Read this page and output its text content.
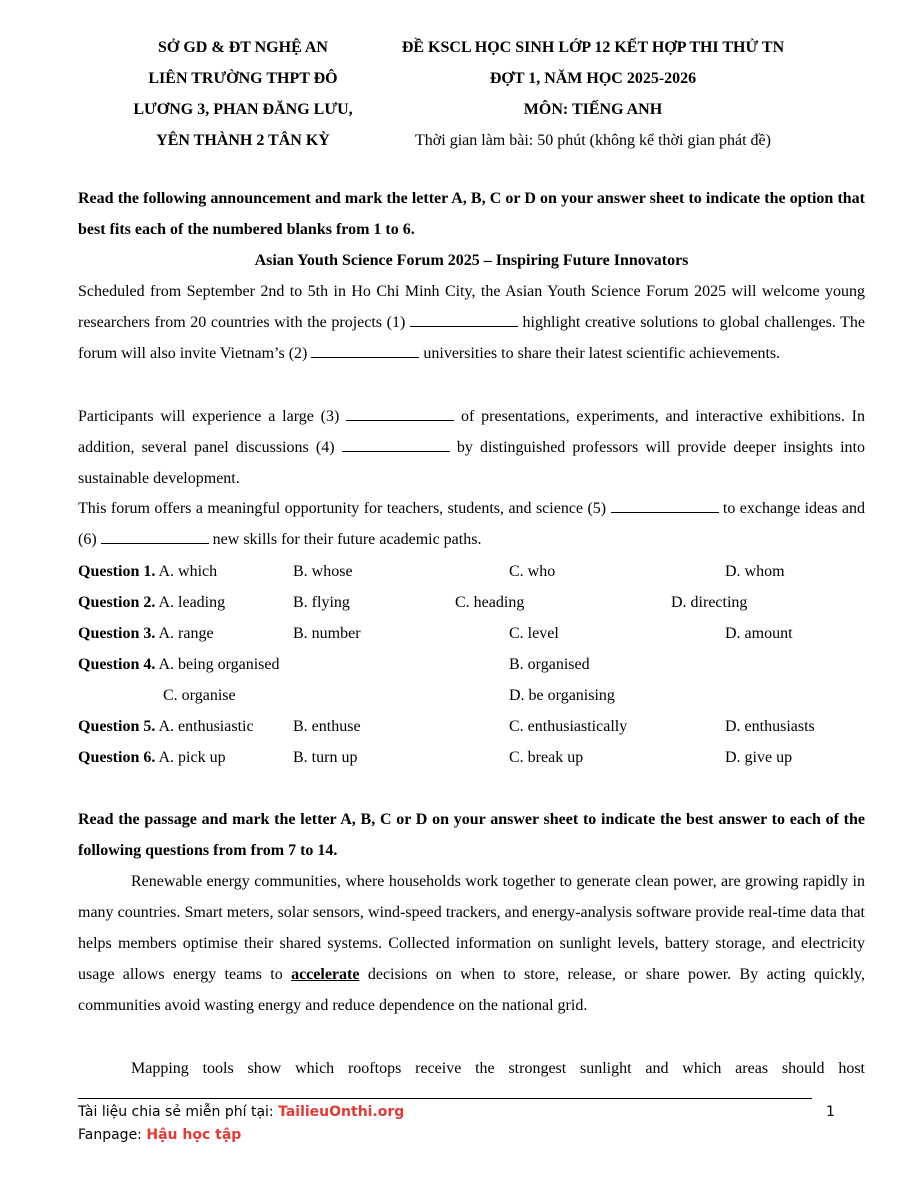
SỞ GD & ĐT NGHỆ AN
LIÊN TRƯỜNG THPT ĐÔ
LƯƠNG 3, PHAN ĐĂNG LƯU,
YÊN THÀNH 2 TÂN KỲ
ĐỀ KSCL HỌC SINH LỚP 12 KẾT HỢP THI THỬ TN
ĐỢT 1, NĂM HỌC 2025-2026
MÔN: TIẾNG ANH
Thời gian làm bài: 50 phút (không kể thời gian phát đề)
Read the following announcement and mark the letter A, B, C or D on your answer sheet to indicate the option that best fits each of the numbered blanks from 1 to 6.
Asian Youth Science Forum 2025 – Inspiring Future Innovators
Scheduled from September 2nd to 5th in Ho Chi Minh City, the Asian Youth Science Forum 2025 will welcome young researchers from 20 countries with the projects (1)	highlight creative solutions to global challenges. The forum will also invite Vietnam’s (2)	universities to share their latest scientific achievements.
Participants will experience a large (3)	of presentations, experiments, and interactive exhibitions. In addition, several panel discussions (4)	by distinguished professors will provide deeper insights into sustainable development.
This forum offers a meaningful opportunity for teachers, students, and science (5)	to exchange ideas and (6)	new skills for their future academic paths.
Question 1. A. which	B. whose	C. who	D. whom
Question 2. A. leading	B. flying	C. heading	D. directing
Question 3. A. range	B. number	C. level	D. amount
Question 4. A. being organised	B. organised
C. organise	D. be organising
Question 5. A. enthusiastic B. enthuse	C. enthusiastically	D. enthusiasts
Question 6. A. pick up	B. turn up	C. break up	D. give up
Read the passage and mark the letter A, B, C or D on your answer sheet to indicate the best answer to each of the following questions from from 7 to 14.
Renewable energy communities, where households work together to generate clean power, are growing rapidly in many countries. Smart meters, solar sensors, wind-speed trackers, and energy-analysis software provide real-time data that helps members optimise their shared systems. Collected information on sunlight levels, battery storage, and electricity usage allows energy teams to accelerate decisions on when to store, release, or share power. By acting quickly, communities avoid wasting energy and reduce dependence on the national grid.
Mapping tools show which rooftops receive the strongest sunlight and which areas should host
Tài liệu chia sẻ miễn phí tại: TailieuOnthi.org
Fanpage: Hậu học tập
1
